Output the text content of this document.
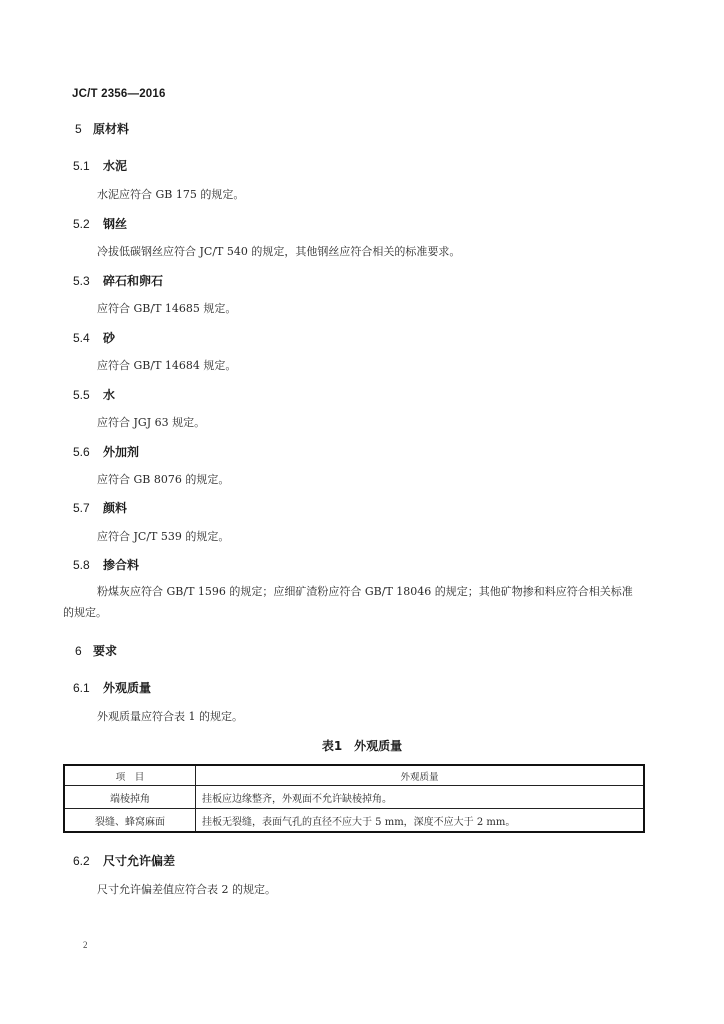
JC/T 2356—2016
5 原材料
5.1 水泥
水泥应符合 GB 175 的规定。
5.2 钢丝
冷拔低碳钢丝应符合 JC/T 540 的规定，其他钢丝应符合相关的标准要求。
5.3 碎石和卵石
应符合 GB/T 14685 规定。
5.4 砂
应符合 GB/T 14684 规定。
5.5 水
应符合 JGJ 63 规定。
5.6 外加剂
应符合 GB 8076 的规定。
5.7 颜料
应符合 JC/T 539 的规定。
5.8 掺合料
粉煤灰应符合 GB/T 1596 的规定；应细矿渣粉应符合 GB/T 18046 的规定；其他矿物掺和料应符合相关标准的规定。
6 要求
6.1 外观质量
外观质量应符合表 1 的规定。
表1　外观质量
项　目	外观质量
端棱掉角	挂板应边缘整齐，外观面不允许缺棱掉角。
裂缝、蜂窝麻面	挂板无裂缝，表面气孔的直径不应大于 5 mm，深度不应大于 2 mm。
6.2 尺寸允许偏差
尺寸允许偏差值应符合表 2 的规定。
2
